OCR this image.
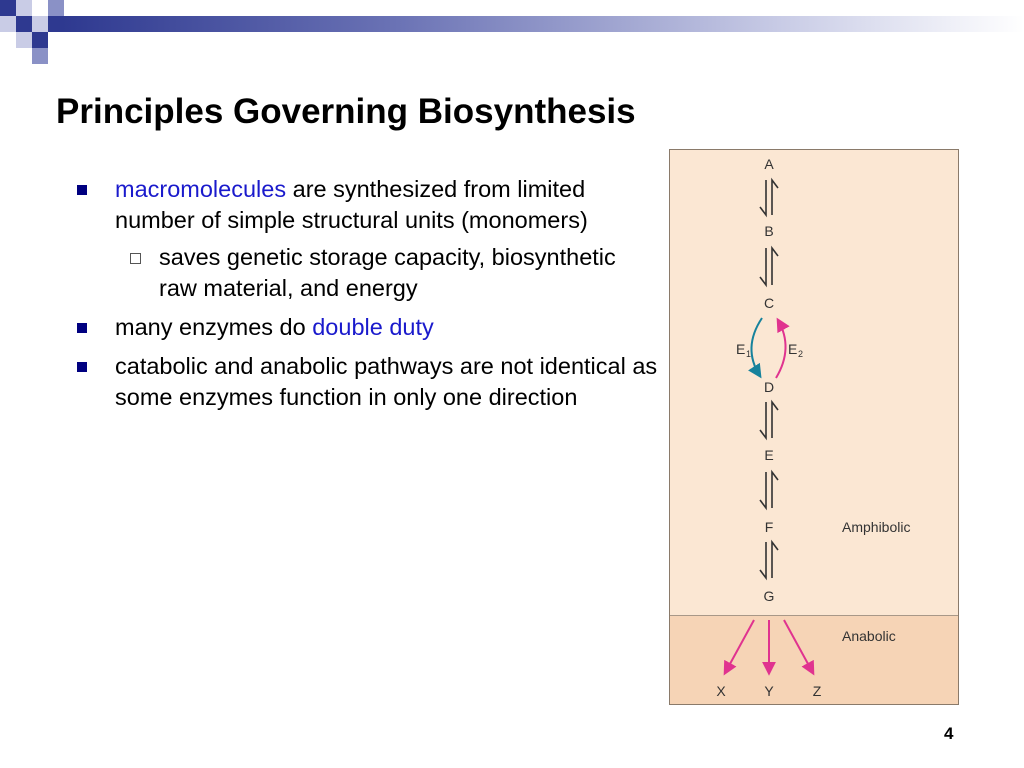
Principles Governing Biosynthesis
macromolecules are synthesized from limited number of simple structural units (monomers)
saves genetic storage capacity, biosynthetic raw material, and energy
many enzymes do double duty
catabolic and anabolic pathways are not identical as some enzymes function in only one direction
A
B
C
D
E
F
G
E 1	E 2
X	Y	Z
Amphibolic
Anabolic
4
